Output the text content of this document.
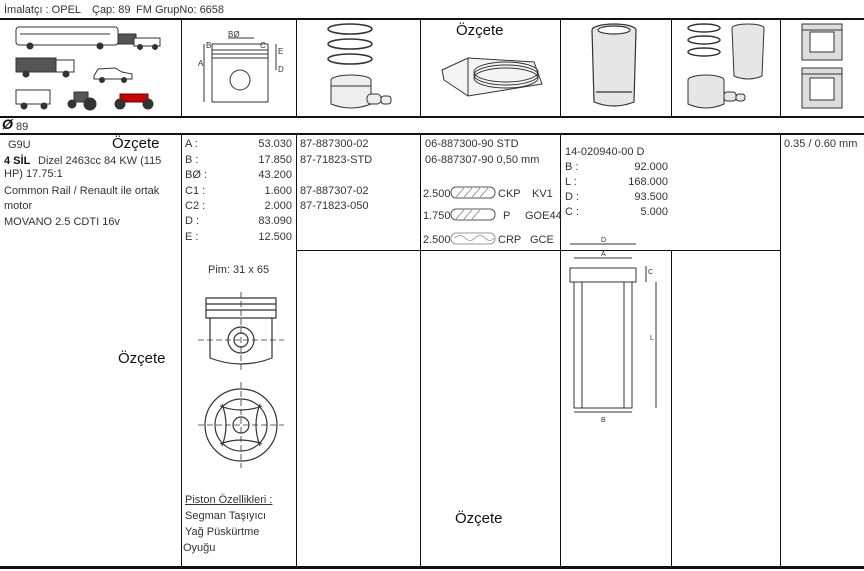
İmalatçı : OPEL Çap: 89 FM GrupNo: 6658
BØ
B	C
E
A
D
Özçete
Ø 89
G9U	Özçete
4 SİL Dizel 2463cc 84 KW (115
HP) 17.75:1
Common Rail / Renault ile ortak
motor
MOVANO 2.5 CDTI 16v
Özçete
A :	53.030
B :	17.850
BØ :	43.200
C1 :	1.600
C2 :	2.000
D :	83.090
E :	12.500
Pim: 31 x 65
Piston Özellikleri :
Segman Taşıyıcı
Yağ Püskürtme
Oyuğu
87-887300-02
87-71823-STD
87-887307-02
87-71823-050
06-887300-90 STD
06-887307-90 0,50 mm
2.500	CKP KV1
1.750	P GOE44
2.500	CRP GCE
Özçete
14-020940-00 D
B :	92.000
L :	168.000
D :	93.500
C :	5.000
D
A
B
C
L
0.35 / 0.60 mm
